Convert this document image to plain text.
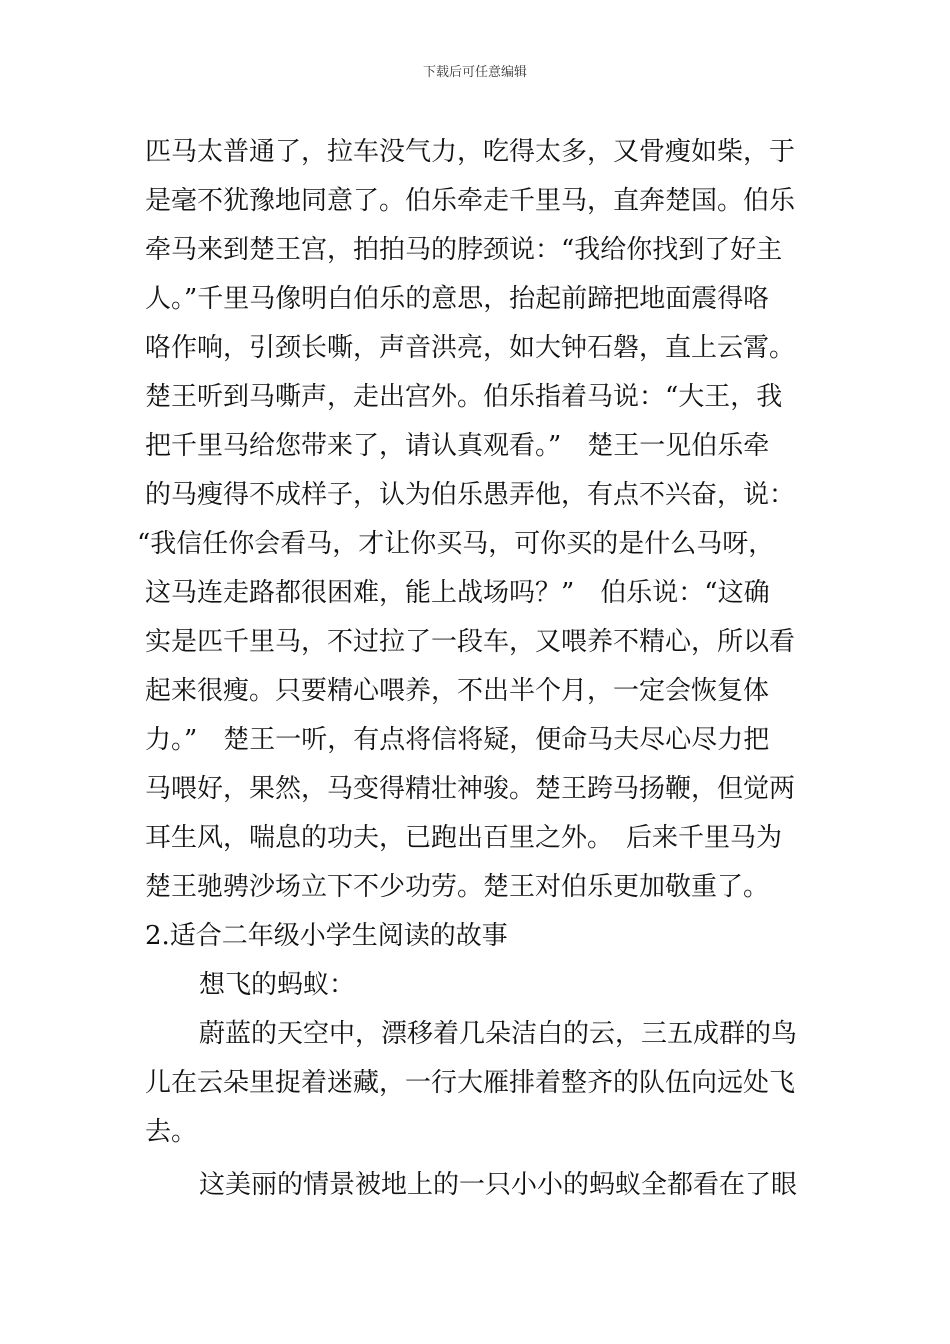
下载后可任意编辑
匹马太普通了，拉车没气力，吃得太多，又骨瘦如柴，于
是毫不犹豫地同意了。伯乐牵走千里马，直奔楚国。伯乐
牵马来到楚王宫，拍拍马的脖颈说：“我给你找到了好主
人。”千里马像明白伯乐的意思，抬起前蹄把地面震得咯
咯作响，引颈长嘶，声音洪亮，如大钟石磐，直上云霄。
楚王听到马嘶声，走出宫外。伯乐指着马说：“大王，我
把千里马给您带来了，请认真观看。”　楚王一见伯乐牵
的马瘦得不成样子，认为伯乐愚弄他，有点不兴奋，说：
“我信任你会看马，才让你买马，可你买的是什么马呀，
这马连走路都很困难，能上战场吗？”　伯乐说：“这确
实是匹千里马，不过拉了一段车，又喂养不精心，所以看
起来很瘦。只要精心喂养，不出半个月，一定会恢复体
力。”　楚王一听，有点将信将疑，便命马夫尽心尽力把
马喂好，果然，马变得精壮神骏。楚王跨马扬鞭，但觉两
耳生风，喘息的功夫，已跑出百里之外。　后来千里马为
楚王驰骋沙场立下不少功劳。楚王对伯乐更加敬重了。
2.适合二年级小学生阅读的故事
想飞的蚂蚁：
蔚蓝的天空中，漂移着几朵洁白的云，三五成群的鸟
儿在云朵里捉着迷藏，一行大雁排着整齐的队伍向远处飞
去。
这美丽的情景被地上的一只小小的蚂蚁全都看在了眼
